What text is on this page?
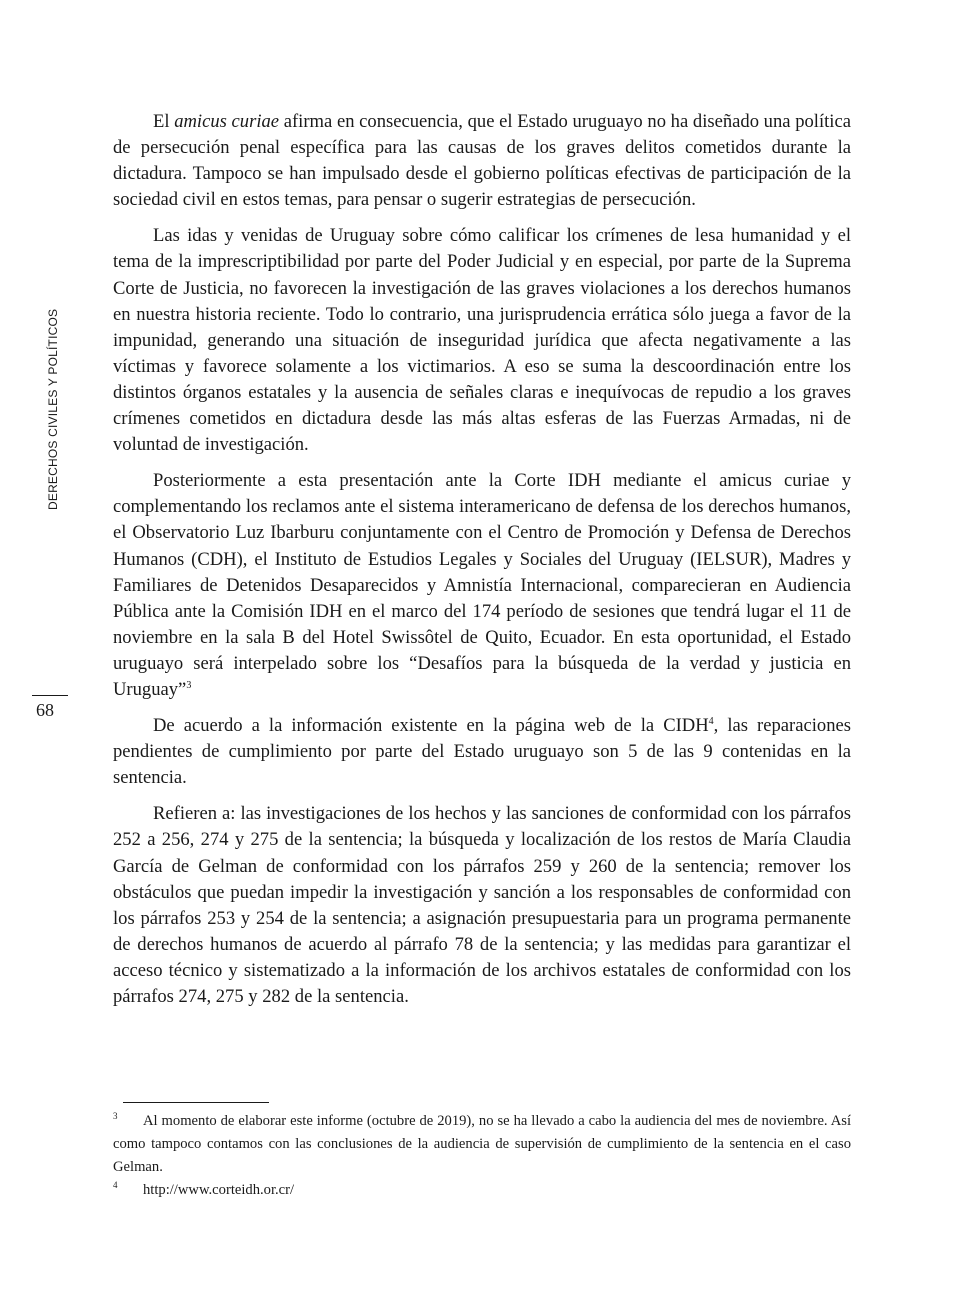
DERECHOS CIVILES Y POLÍTICOS
68

El amicus curiae afirma en consecuencia, que el Estado uruguayo no ha diseñado una política de persecución penal específica para las causas de los graves delitos cometidos durante la dictadura. Tampoco se han impulsado desde el gobierno políticas efectivas de participación de la sociedad civil en estos temas, para pensar o sugerir estrategias de persecución.

Las idas y venidas de Uruguay sobre cómo calificar los crímenes de lesa humanidad y el tema de la imprescriptibilidad por parte del Poder Judicial y en especial, por parte de la Suprema Corte de Justicia, no favorecen la investigación de las graves violaciones a los derechos humanos en nuestra historia reciente. Todo lo contrario, una jurisprudencia errática sólo juega a favor de la impunidad, generando una situación de inseguridad jurídica que afecta negativamente a las víctimas y favorece solamente a los victimarios. A eso se suma la descoordinación entre los distintos órganos estatales y la ausencia de señales claras e inequívocas de repudio a los graves crímenes cometidos en dictadura desde las más altas esferas de las Fuerzas Armadas, ni de voluntad de investigación.

Posteriormente a esta presentación ante la Corte IDH mediante el amicus curiae y complementando los reclamos ante el sistema interamericano de defensa de los derechos humanos, el Observatorio Luz Ibarburu conjuntamente con el Centro de Promoción y Defensa de Derechos Humanos (CDH), el Instituto de Estudios Legales y Sociales del Uruguay (IELSUR), Madres y Familiares de Detenidos Desaparecidos y Amnistía Internacional, comparecieran en Audiencia Pública ante la Comisión IDH en el marco del 174 período de sesiones que tendrá lugar el 11 de noviembre en la sala B del Hotel Swissôtel de Quito, Ecuador. En esta oportunidad, el Estado uruguayo será interpelado sobre los “Desafíos para la búsqueda de la verdad y justicia en Uruguay”$^3$

De acuerdo a la información existente en la página web de la CIDH$^4$, las reparaciones pendientes de cumplimiento por parte del Estado uruguayo son 5 de las 9 contenidas en la sentencia.

Refieren a: las investigaciones de los hechos y las sanciones de conformidad con los párrafos 252 a 256, 274 y 275 de la sentencia; la búsqueda y localización de los restos de María Claudia García de Gelman de conformidad con los párrafos 259 y 260 de la sentencia; remover los obstáculos que puedan impedir la investigación y sanción a los responsables de conformidad con los párrafos 253 y 254 de la sentencia; a asignación presupuestaria para un programa permanente de derechos humanos de acuerdo al párrafo 78 de la sentencia; y las medidas para garantizar el acceso técnico y sistematizado a la información de los archivos estatales de conformidad con los párrafos 274, 275 y 282 de la sentencia.

3 Al momento de elaborar este informe (octubre de 2019), no se ha llevado a cabo la audiencia del mes de noviembre. Así como tampoco contamos con las conclusiones de la audiencia de supervisión de cumplimiento de la sentencia en el caso Gelman.

4 http://www.corteidh.or.cr/
